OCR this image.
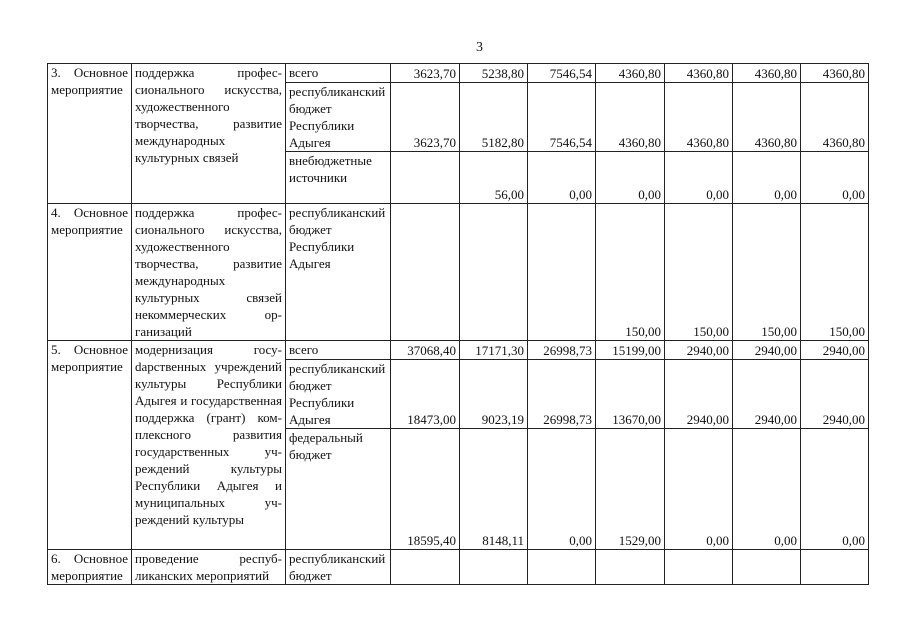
3
3. Основное мероприятие	поддержка профессионального искусства, художественного творчества, развитие международных культурных связей	всего	3623,70	5238,80	7546,54	4360,80	4360,80	4360,80	4360,80
		республиканский бюджет Республики Адыгея	3623,70	5182,80	7546,54	4360,80	4360,80	4360,80	4360,80
		внебюджетные источники		56,00	0,00	0,00	0,00	0,00	0,00
4. Основное мероприятие	поддержка профессионального искусства, художественного творчества, развитие международных культурных связей некоммерческих организаций	республиканский бюджет Республики Адыгея				150,00	150,00	150,00	150,00
5. Основное мероприятие	модернизация госуdарственных учреждений культуры Республики Адыгея и государственная поддержка (грант) комплексного развития государственных учреждений культуры Республики Адыгея и муниципальных учреждений культуры	всего	37068,40	17171,30	26998,73	15199,00	2940,00	2940,00	2940,00
		республиканский бюджет Республики Адыгея	18473,00	9023,19	26998,73	13670,00	2940,00	2940,00	2940,00
		федеральный бюджет	18595,40	8148,11	0,00	1529,00	0,00	0,00	0,00
6. Основное мероприятие	проведение республиканских мероприятий	республиканский бюджет							
